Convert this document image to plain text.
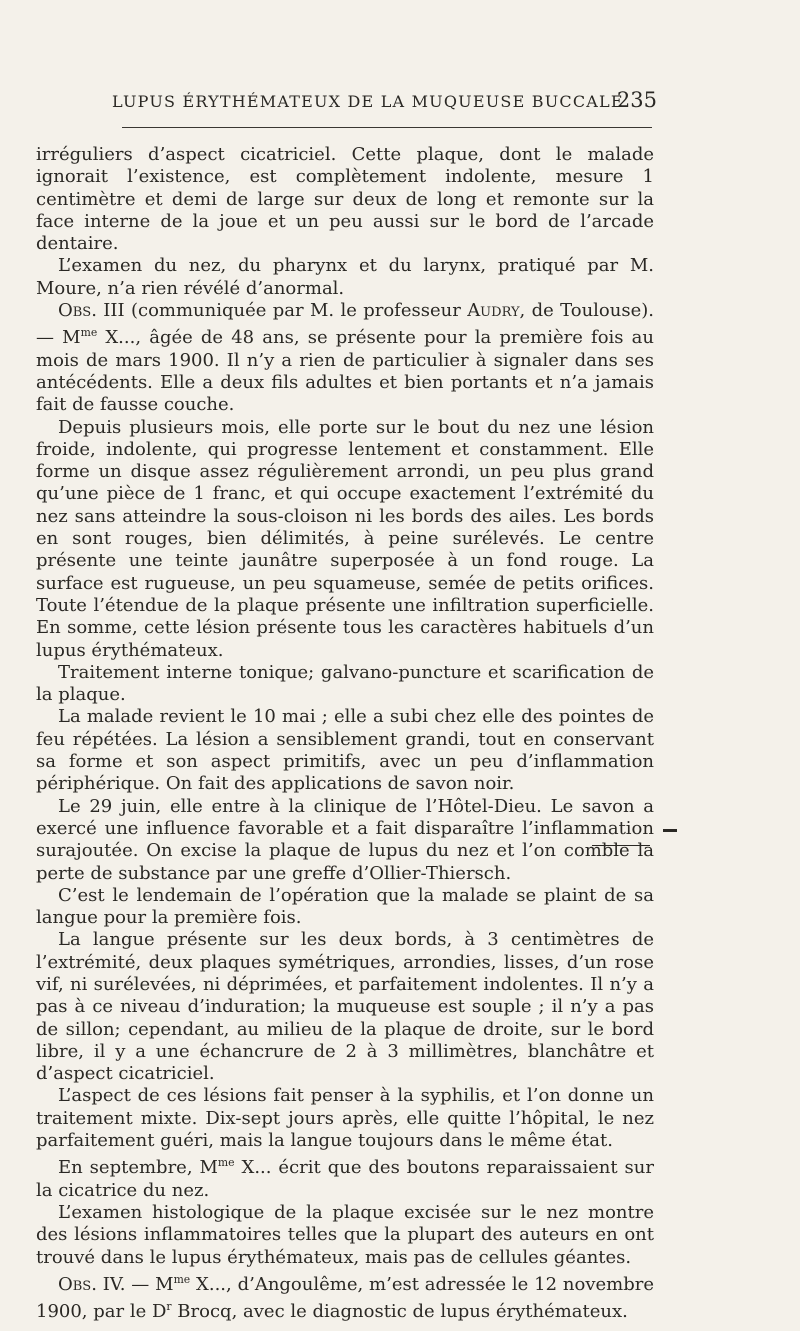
LUPUS ÉRYTHÉMATEUX DE LA MUQUEUSE BUCCALE
235

irréguliers d’aspect cicatriciel. Cette plaque, dont le malade ignorait l’existence, est complètement indolente, mesure 1 centimètre et demi de large sur deux de long et remonte sur la face interne de la joue et un peu aussi sur le bord de l’arcade dentaire.

L’examen du nez, du pharynx et du larynx, pratiqué par M. Moure, n’a rien révélé d’anormal.

Obs. III (communiquée par M. le professeur Audry, de Toulouse). — $M^{me}$ X..., âgée de 48 ans, se présente pour la première fois au mois de mars 1900. Il n’y a rien de particulier à signaler dans ses antécédents. Elle a deux fils adultes et bien portants et n’a jamais fait de fausse couche.

Depuis plusieurs mois, elle porte sur le bout du nez une lésion froide, indolente, qui progresse lentement et constamment. Elle forme un disque assez régulièrement arrondi, un peu plus grand qu’une pièce de 1 franc, et qui occupe exactement l’extrémité du nez sans atteindre la sous-cloison ni les bords des ailes. Les bords en sont rouges, bien délimités, à peine surélevés. Le centre présente une teinte jaunâtre superposée à un fond rouge. La surface est rugueuse, un peu squameuse, semée de petits orifices. Toute l’étendue de la plaque présente une infiltration superficielle. En somme, cette lésion présente tous les caractères habituels d’un lupus érythémateux.

Traitement interne tonique; galvano-puncture et scarification de la plaque.

La malade revient le 10 mai ; elle a subi chez elle des pointes de feu répétées. La lésion a sensiblement grandi, tout en conservant sa forme et son aspect primitifs, avec un peu d’inflammation périphérique. On fait des applications de savon noir.

Le 29 juin, elle entre à la clinique de l’Hôtel-Dieu. Le savon a exercé une influence favorable et a fait disparaître l’inflammation surajoutée. On excise la plaque de lupus du nez et l’on comble la perte de substance par une greffe d’Ollier-Thiersch.

C’est le lendemain de l’opération que la malade se plaint de sa langue pour la première fois.

La langue présente sur les deux bords, à 3 centimètres de l’extrémité, deux plaques symétriques, arrondies, lisses, d’un rose vif, ni surélevées, ni déprimées, et parfaitement indolentes. Il n’y a pas à ce niveau d’induration; la muqueuse est souple ; il n’y a pas de sillon; cependant, au milieu de la plaque de droite, sur le bord libre, il y a une échancrure de 2 à 3 millimètres, blanchâtre et d’aspect cicatriciel.

L’aspect de ces lésions fait penser à la syphilis, et l’on donne un traitement mixte. Dix-sept jours après, elle quitte l’hôpital, le nez parfaitement guéri, mais la langue toujours dans le même état.

En septembre, $M^{me}$ X... écrit que des boutons reparaissaient sur la cicatrice du nez.

L’examen histologique de la plaque excisée sur le nez montre des lésions inflammatoires telles que la plupart des auteurs en ont trouvé dans le lupus érythémateux, mais pas de cellules géantes.

Obs. IV. — $M^{me}$ X..., d’Angoulême, m’est adressée le 12 novembre 1900, par le $D^r$ Brocq, avec le diagnostic de lupus érythémateux.
